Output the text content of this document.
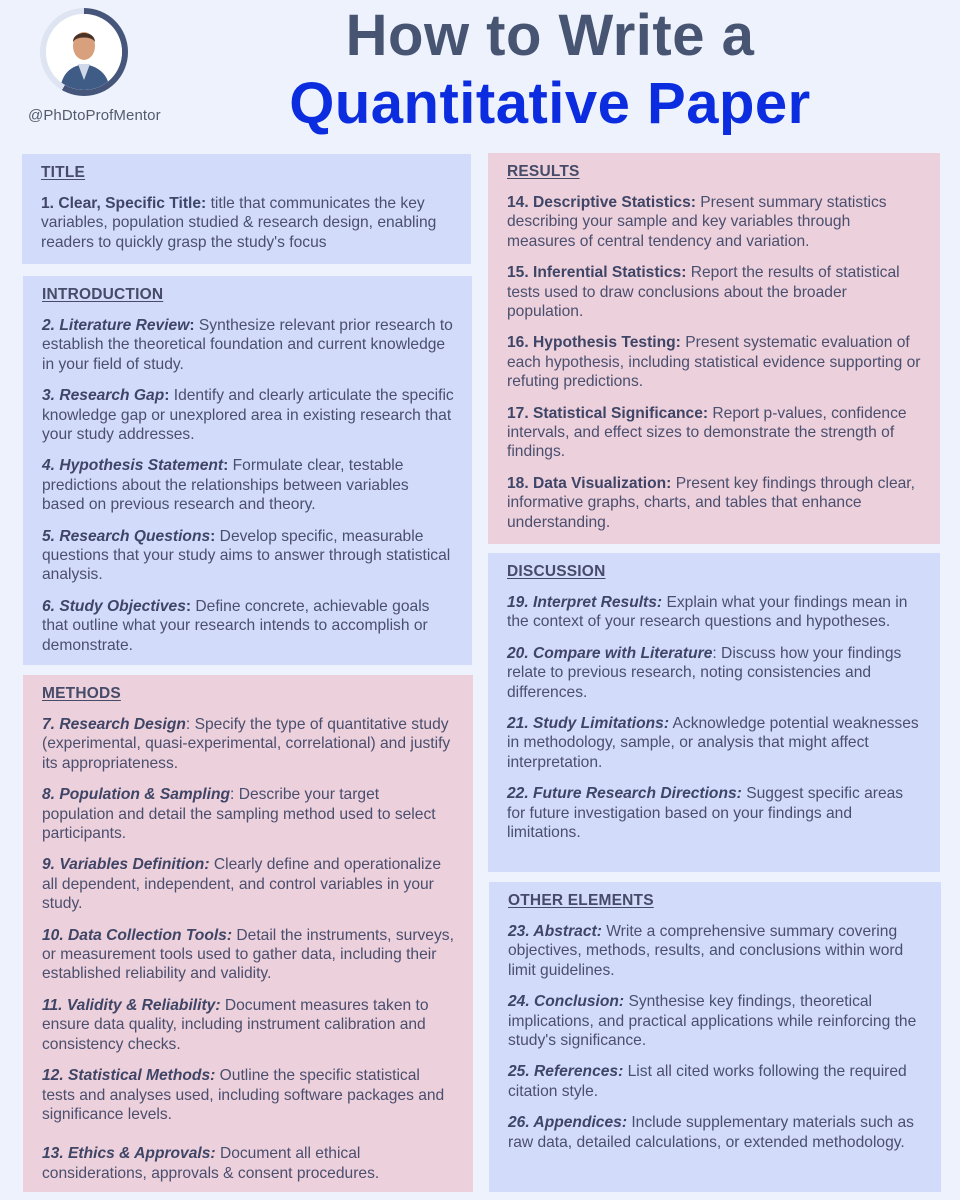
@PhDtoProfMentor
How to Write a
Quantitative Paper
TITLE

1. Clear, Specific Title: title that communicates the key variables, population studied & research design, enabling readers to quickly grasp the study's focus

INTRODUCTION

2. Literature Review: Synthesize relevant prior research to establish the theoretical foundation and current knowledge in your field of study.

3. Research Gap: Identify and clearly articulate the specific knowledge gap or unexplored area in existing research that your study addresses.

4. Hypothesis Statement: Formulate clear, testable predictions about the relationships between variables based on previous research and theory.

5. Research Questions: Develop specific, measurable questions that your study aims to answer through statistical analysis.

6. Study Objectives: Define concrete, achievable goals that outline what your research intends to accomplish or demonstrate.

METHODS

7. Research Design: Specify the type of quantitative study (experimental, quasi-experimental, correlational) and justify its appropriateness.

8. Population & Sampling: Describe your target population and detail the sampling method used to select participants.

9. Variables Definition: Clearly define and operationalize all dependent, independent, and control variables in your study.

10. Data Collection Tools: Detail the instruments, surveys, or measurement tools used to gather data, including their established reliability and validity.

11. Validity & Reliability: Document measures taken to ensure data quality, including instrument calibration and consistency checks.

12. Statistical Methods: Outline the specific statistical tests and analyses used, including software packages and significance levels.

13. Ethics & Approvals: Document all ethical considerations, approvals & consent procedures.

RESULTS

14. Descriptive Statistics: Present summary statistics describing your sample and key variables through measures of central tendency and variation.

15. Inferential Statistics: Report the results of statistical tests used to draw conclusions about the broader population.

16. Hypothesis Testing: Present systematic evaluation of each hypothesis, including statistical evidence supporting or refuting predictions.

17. Statistical Significance: Report p-values, confidence intervals, and effect sizes to demonstrate the strength of findings.

18. Data Visualization: Present key findings through clear, informative graphs, charts, and tables that enhance understanding.

DISCUSSION

19. Interpret Results: Explain what your findings mean in the context of your research questions and hypotheses.

20. Compare with Literature: Discuss how your findings relate to previous research, noting consistencies and differences.

21. Study Limitations: Acknowledge potential weaknesses in methodology, sample, or analysis that might affect interpretation.

22. Future Research Directions: Suggest specific areas for future investigation based on your findings and limitations.

OTHER ELEMENTS

23. Abstract: Write a comprehensive summary covering objectives, methods, results, and conclusions within word limit guidelines.

24. Conclusion: Synthesise key findings, theoretical implications, and practical applications while reinforcing the study's significance.

25. References: List all cited works following the required citation style.

26. Appendices: Include supplementary materials such as raw data, detailed calculations, or extended methodology.
